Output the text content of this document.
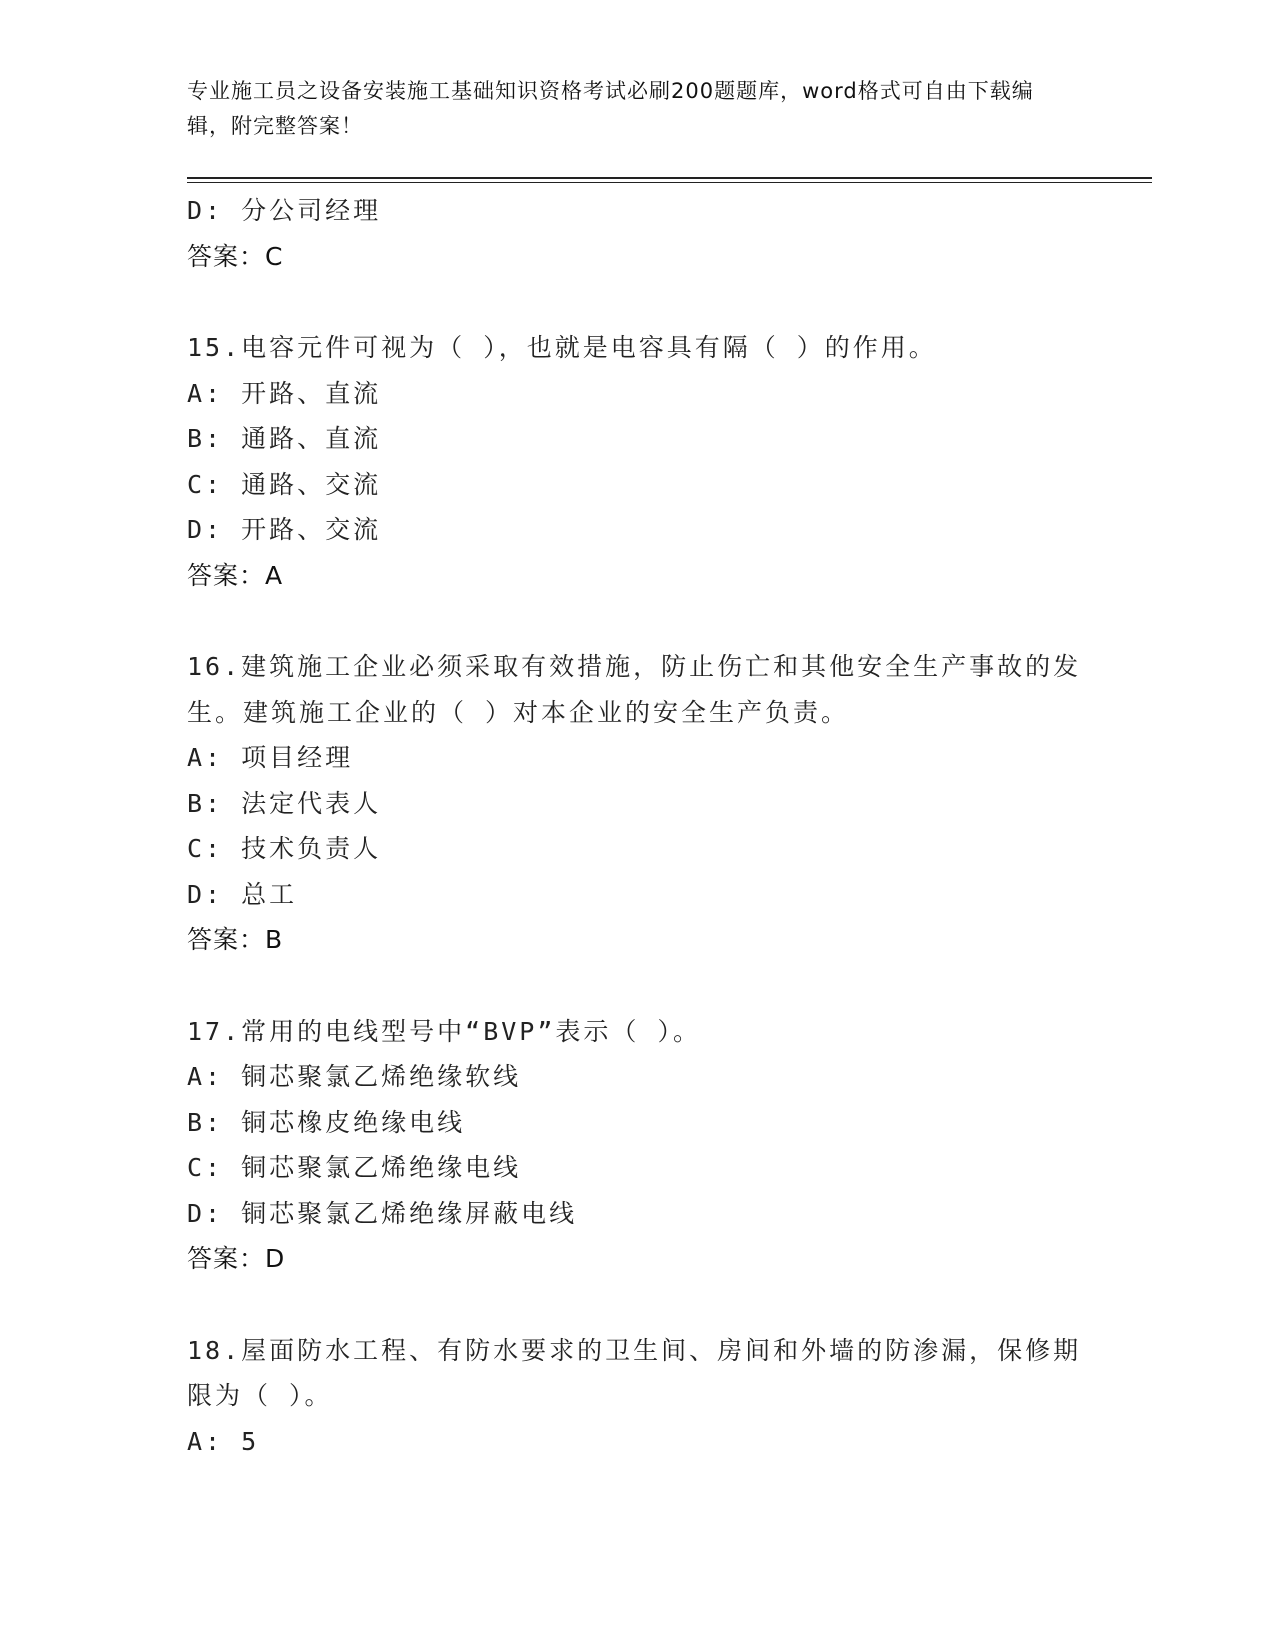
专业施工员之设备安装施工基础知识资格考试必刷200题题库，word格式可自由下载编辑，附完整答案！
D: 分公司经理
答案：C
15.电容元件可视为（ ），也就是电容具有隔（ ）的作用。
A: 开路、直流
B: 通路、直流
C: 通路、交流
D: 开路、交流
答案：A
16.建筑施工企业必须采取有效措施，防止伤亡和其他安全生产事故的发生。建筑施工企业的（ ）对本企业的安全生产负责。
A: 项目经理
B: 法定代表人
C: 技术负责人
D: 总工
答案：B
17.常用的电线型号中“BVP”表示（ ）。
A: 铜芯聚氯乙烯绝缘软线
B: 铜芯橡皮绝缘电线
C: 铜芯聚氯乙烯绝缘电线
D: 铜芯聚氯乙烯绝缘屏蔽电线
答案：D
18.屋面防水工程、有防水要求的卫生间、房间和外墙的防渗漏，保修期限为（ ）。
A: 5
